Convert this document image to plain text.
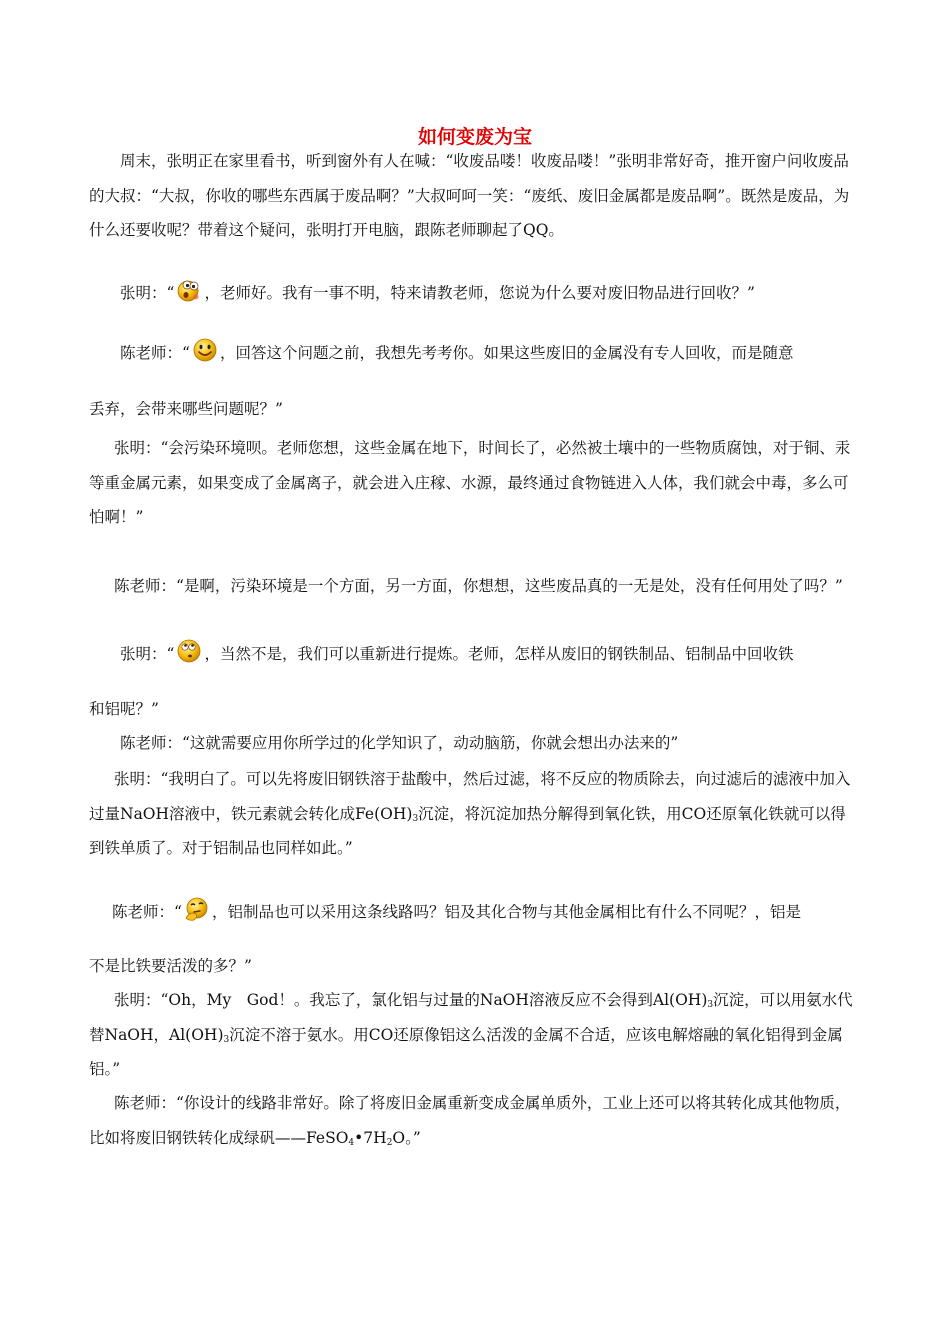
如何变废为宝

周末，张明正在家里看书，听到窗外有人在喊：“收废品喽！收废品喽！”张明非常好奇，推开窗户问收废品的大叔：“大叔，你收的哪些东西属于废品啊？”大叔呵呵一笑：“废纸、废旧金属都是废品啊”。既然是废品，为什么还要收呢？带着这个疑问，张明打开电脑，跟陈老师聊起了QQ。

张明：“ ，老师好。我有一事不明，特来请教老师，您说为什么要对废旧物品进行回收？”
陈老师：“ ，回答这个问题之前，我想先考考你。如果这些废旧的金属没有专人回收，而是随意
丢弃，会带来哪些问题呢？”

张明：“会污染环境呗。老师您想，这些金属在地下，时间长了，必然被土壤中的一些物质腐蚀，对于铜、汞等重金属元素，如果变成了金属离子，就会进入庄稼、水源，最终通过食物链进入人体，我们就会中毒，多么可怕啊！”

陈老师：“是啊，污染环境是一个方面，另一方面，你想想，这些废品真的一无是处，没有任何用处了吗？”

张明：“ ，当然不是，我们可以重新进行提炼。老师，怎样从废旧的钢铁制品、铝制品中回收铁
和铝呢？”
陈老师：“这就需要应用你所学过的化学知识了，动动脑筋，你就会想出办法来的”

张明：“我明白了。可以先将废旧钢铁溶于盐酸中，然后过滤，将不反应的物质除去，向过滤后的滤液中加入过量NaOH溶液中，铁元素就会转化成$Fe(OH)_3$沉淀，将沉淀加热分解得到氧化铁，用CO还原氧化铁就可以得到铁单质了。对于铝制品也同样如此。”

陈老师：“ ，铝制品也可以采用这条线路吗？铝及其化合物与其他金属相比有什么不同呢？，铝是
不是比铁要活泼的多？”

张明：“Oh，My　God！。我忘了，氯化铝与过量的NaOH溶液反应不会得到$Al(OH)_3$沉淀，可以用氨水代替NaOH，$Al(OH)_3$沉淀不溶于氨水。用CO还原像铝这么活泼的金属不合适，应该电解熔融的氧化铝得到金属铝。”

陈老师：“你设计的线路非常好。除了将废旧金属重新变成金属单质外，工业上还可以将其转化成其他物质，比如将废旧钢铁转化成绿矾$——FeSO_4•7H_2O$。”
